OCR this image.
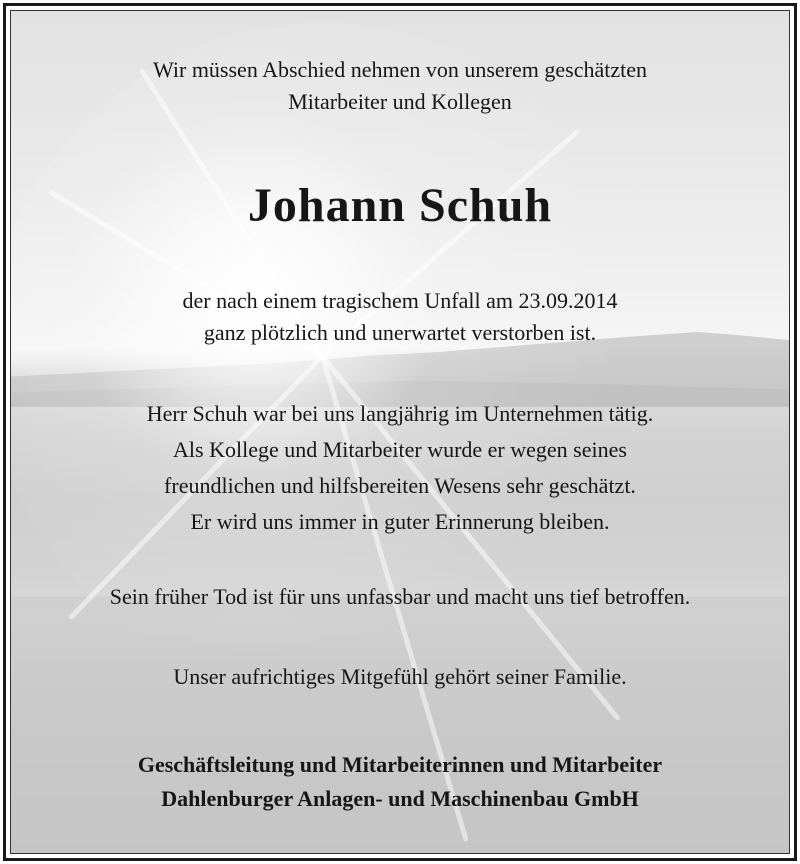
Wir müssen Abschied nehmen von unserem geschätzten
Mitarbeiter und Kollegen
Johann Schuh
der nach einem tragischem Unfall am 23.09.2014
ganz plötzlich und unerwartet verstorben ist.
Herr Schuh war bei uns langjährig im Unternehmen tätig.
Als Kollege und Mitarbeiter wurde er wegen seines
freundlichen und hilfsbereiten Wesens sehr geschätzt.
Er wird uns immer in guter Erinnerung bleiben.
Sein früher Tod ist für uns unfassbar und macht uns tief betroffen.
Unser aufrichtiges Mitgefühl gehört seiner Familie.
Geschäftsleitung und Mitarbeiterinnen und Mitarbeiter
Dahlenburger Anlagen- und Maschinenbau GmbH
